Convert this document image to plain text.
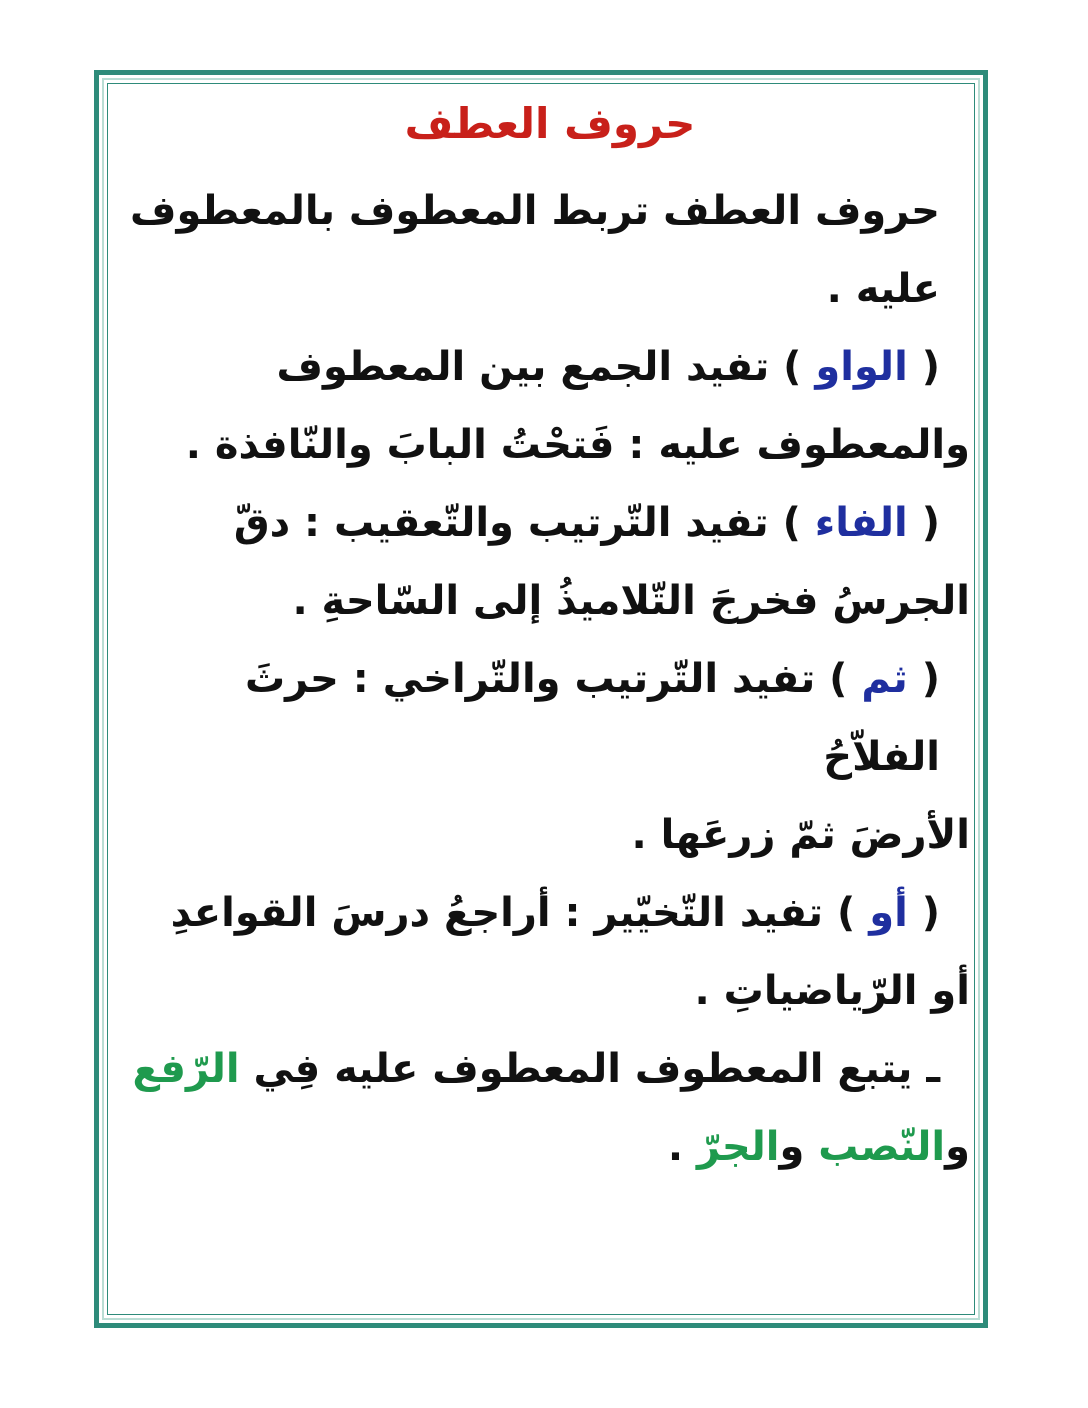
حروف العطف
حروف العطف تربط المعطوف بالمعطوف
عليه .
( الواو ) تفيد الجمع بين المعطوف
والمعطوف عليه : فَتحْتُ البابَ والنّافذة .
( الفاء ) تفيد التّرتيب والتّعقيب : دقّ
الجرسُ فخرجَ التّلاميذُ إلى السّاحةِ .
( ثم ) تفيد التّرتيب والتّراخي : حرثَ الفلاّحُ
الأرضَ ثمّ زرعَها .
( أو ) تفيد التّخيّير : أراجعُ درسَ القواعدِ
أو الرّياضياتِ .
ـ يتبع المعطوف المعطوف عليه فِي الرّفع
والنّصب والجرّ .
